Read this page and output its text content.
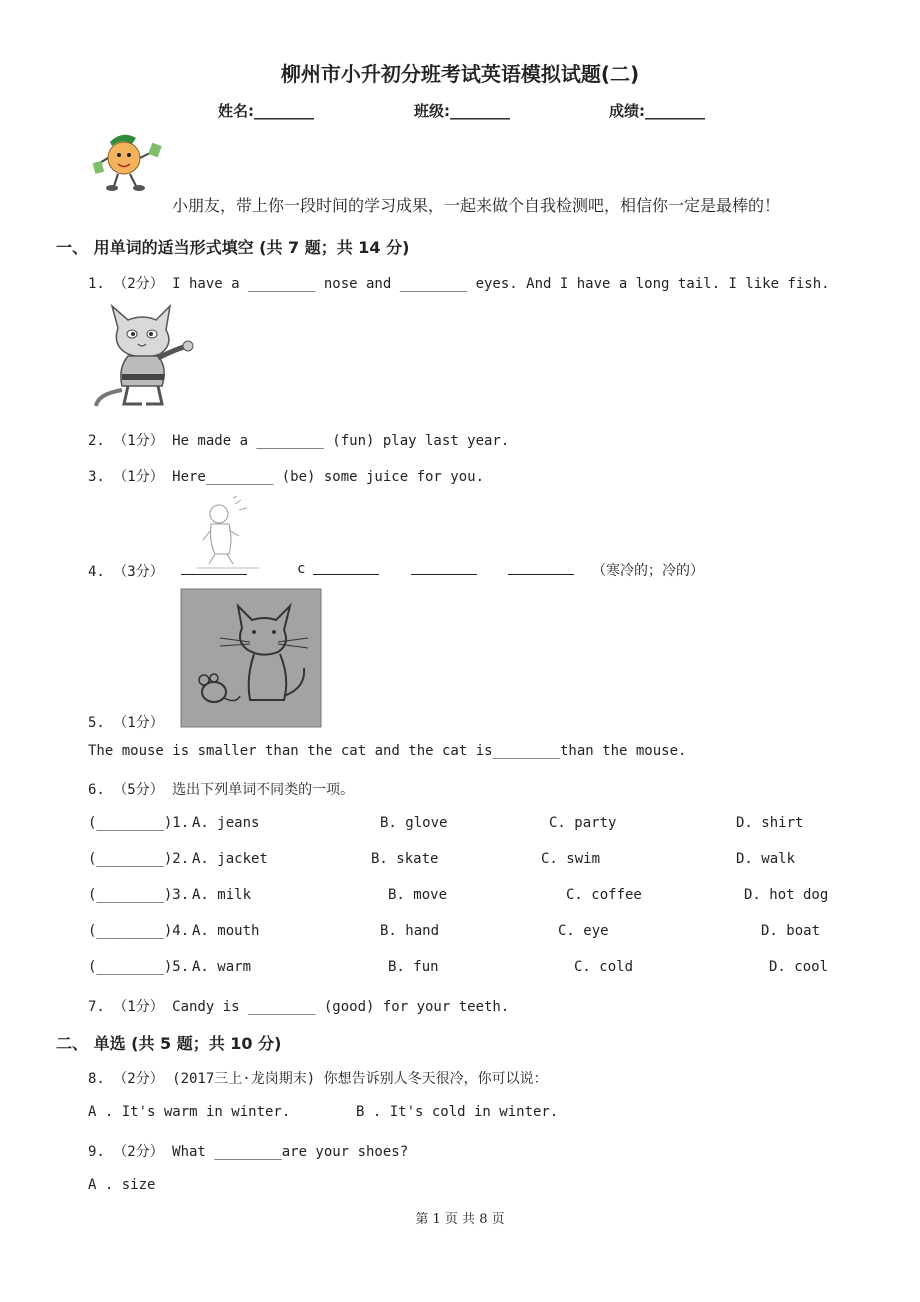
柳州市小升初分班考试英语模拟试题(二)
姓名:________	班级:________	成绩:________
小朋友，带上你一段时间的学习成果，一起来做个自我检测吧，相信你一定是最棒的！
一、 用单词的适当形式填空 (共 7 题；共 14 分)
1. （2分） I have a ________ nose and ________ eyes. And I have a long tail. I like fish.
2. （1分） He made a ________ (fun) play last year.
3. （1分） Here________ (be) some juice for you.
4. （3分）	c	（寒冷的；冷的）
5. （1分）
The mouse is smaller than the cat and the cat is________than the mouse.
6. （5分） 选出下列单词不同类的一项。
(________)1. A. jeans	B. glove	C. party	D. shirt
(________)2. A. jacket	B. skate	C. swim	D. walk
(________)3. A. milk	B. move	C. coffee	D. hot dog
(________)4. A. mouth	B. hand	C. eye	D. boat
(________)5. A. warm	B. fun	C. cold	D. cool
7. （1分） Candy is ________ (good) for your teeth.
二、 单选 (共 5 题；共 10 分)
8. （2分） (2017三上·龙岗期末) 你想告诉别人冬天很冷，你可以说：
A . It's warm in winter.	B . It's cold in winter.
9. （2分） What ________are your shoes?
A . size
第 1 页 共 8 页
